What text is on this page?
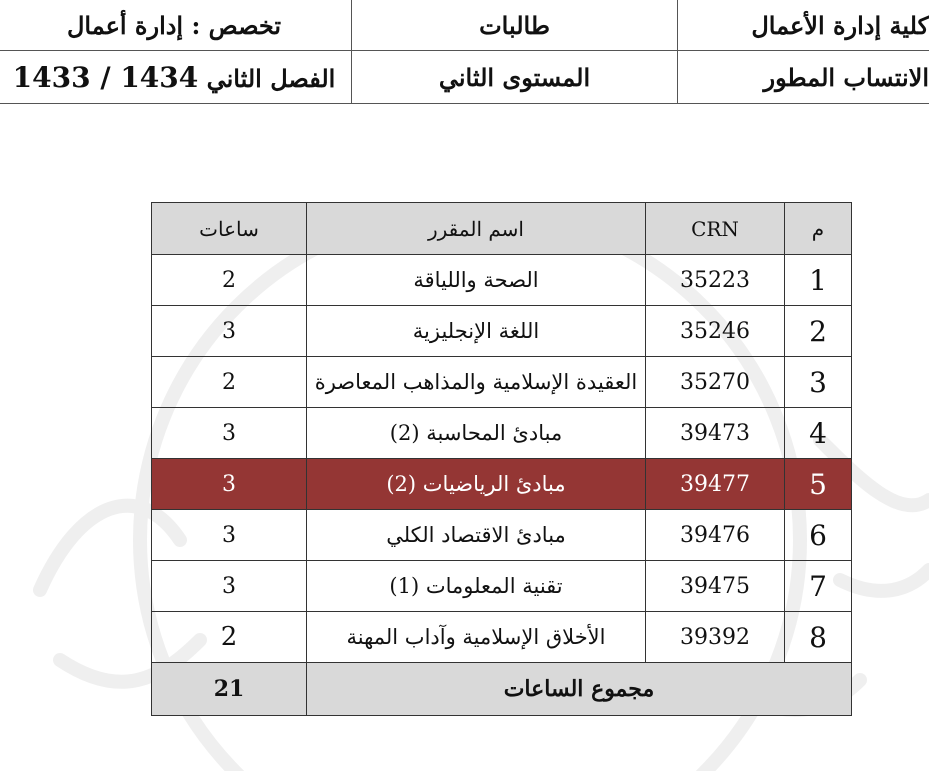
كلية إدارة الأعمال	طالبات	تخصص : إدارة أعمال
الانتساب المطور	المستوى الثاني	الفصل الثاني 1433 / 1434
م	CRN	اسم المقرر	ساعات
1	35223	الصحة واللياقة	2
2	35246	اللغة الإنجليزية	3
3	35270	العقيدة الإسلامية والمذاهب المعاصرة	2
4	39473	مبادئ المحاسبة (2)	3
5	39477	مبادئ الرياضيات (2)	3
6	39476	مبادئ الاقتصاد الكلي	3
7	39475	تقنية المعلومات (1)	3
8	39392	الأخلاق الإسلامية وآداب المهنة	2
مجموع الساعات			21
